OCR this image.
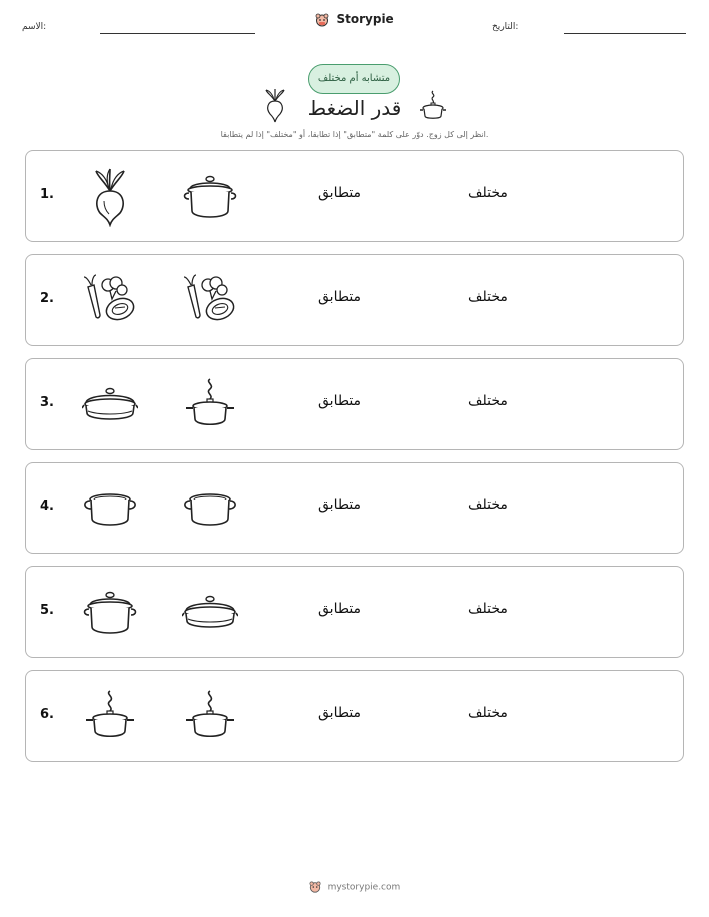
الاسم:
Storypie
التاريخ:
متشابه أم مختلف
قدر الضغط
انظر إلى كل زوج. دوّر على كلمة "متطابق" إذا تطابقا، أو "مختلف" إذا لم يتطابقا.
1.	متطابق	مختلف
2.	متطابق	مختلف
3.	متطابق	مختلف
4.	متطابق	مختلف
5.	متطابق	مختلف
6.	متطابق	مختلف
mystorypie.com
